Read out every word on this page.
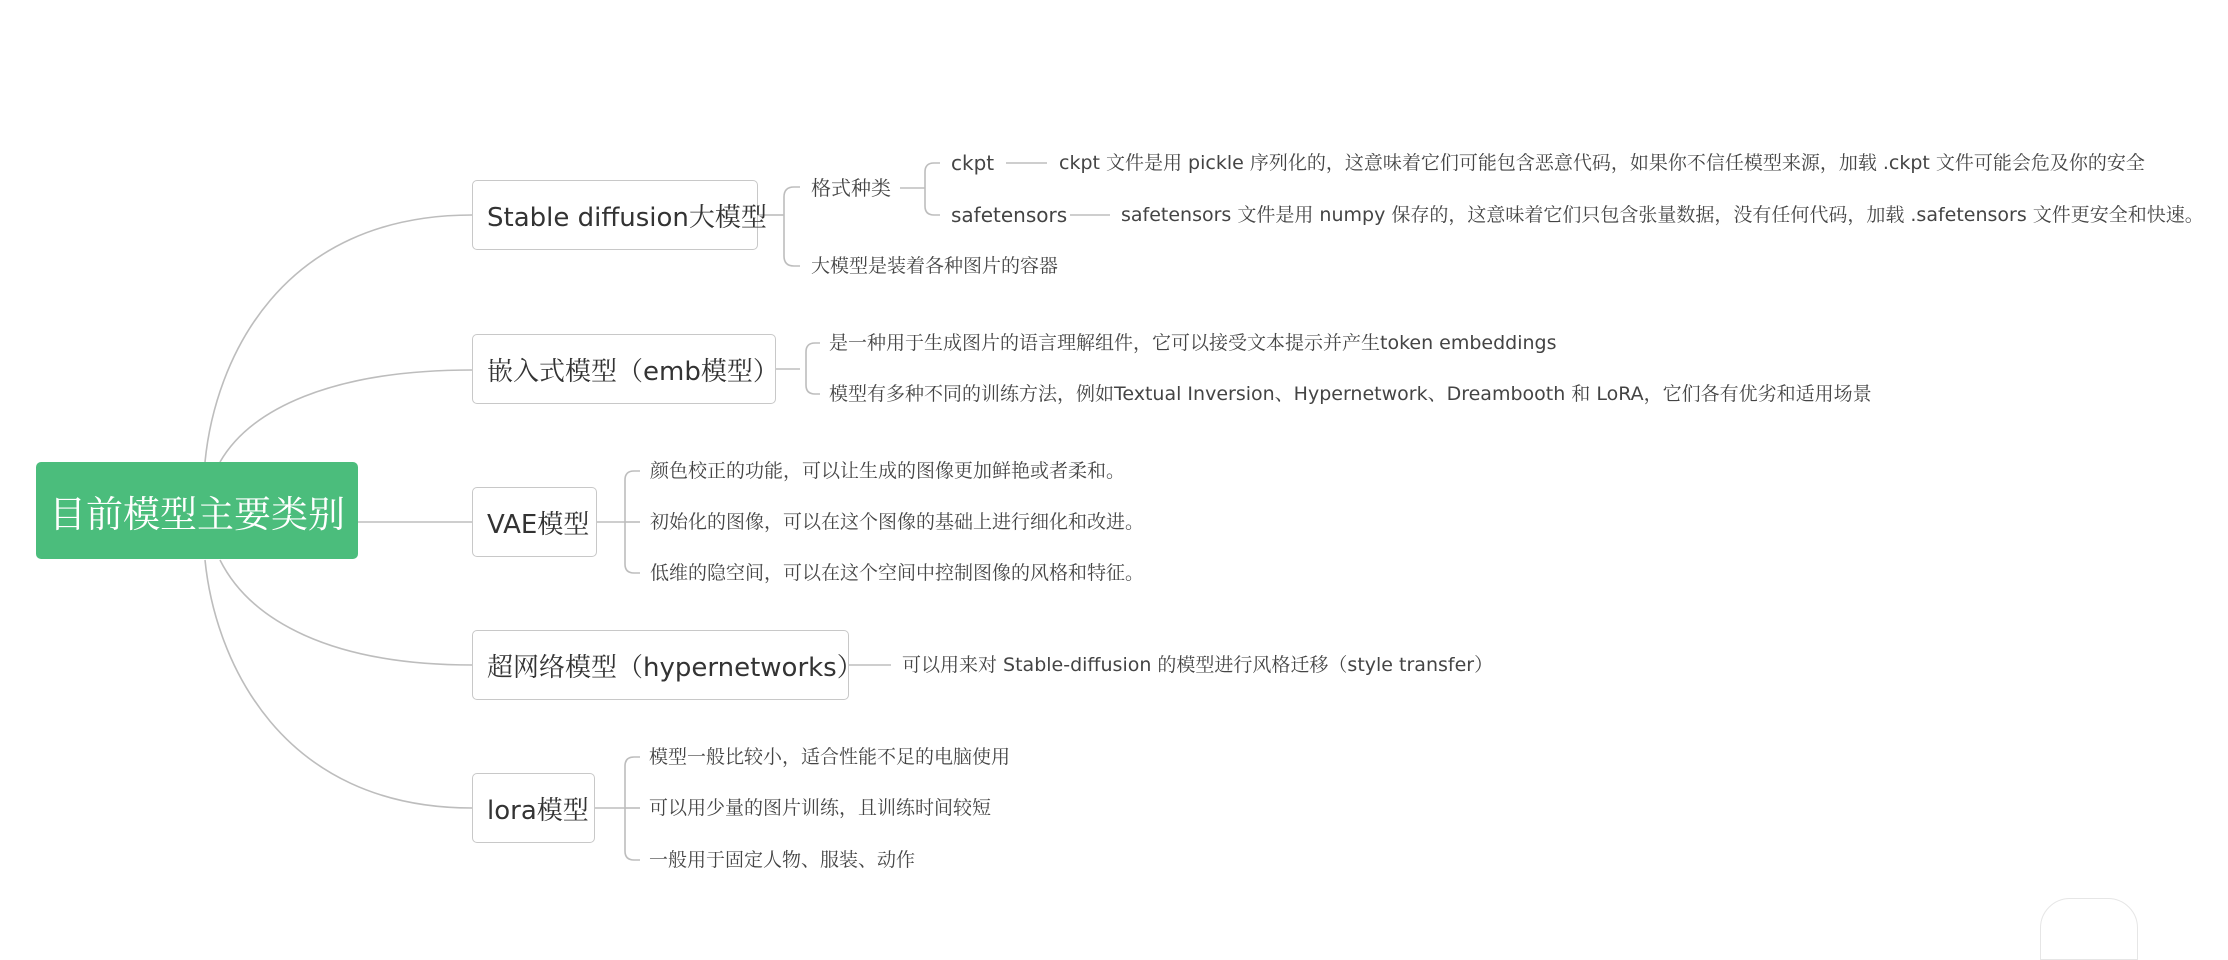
目前模型主要类别
Stable diffusion大模型
格式种类
ckpt	ckpt 文件是用 pickle 序列化的，这意味着它们可能包含恶意代码，如果你不信任模型来源，加载 .ckpt 文件可能会危及你的安全
safetensors	safetensors 文件是用 numpy 保存的，这意味着它们只包含张量数据，没有任何代码，加载 .safetensors 文件更安全和快速。
大模型是装着各种图片的容器
嵌入式模型（emb模型）
是一种用于生成图片的语言理解组件，它可以接受文本提示并产生token embeddings
模型有多种不同的训练方法，例如Textual Inversion、Hypernetwork、Dreambooth 和 LoRA，它们各有优劣和适用场景
VAE模型
颜色校正的功能，可以让生成的图像更加鲜艳或者柔和。
初始化的图像，可以在这个图像的基础上进行细化和改进。
低维的隐空间，可以在这个空间中控制图像的风格和特征。
超网络模型（hypernetworks） 可以用来对 Stable-diffusion 的模型进行风格迁移（style transfer）
lora模型
模型一般比较小，适合性能不足的电脑使用
可以用少量的图片训练，且训练时间较短
一般用于固定人物、服装、动作
